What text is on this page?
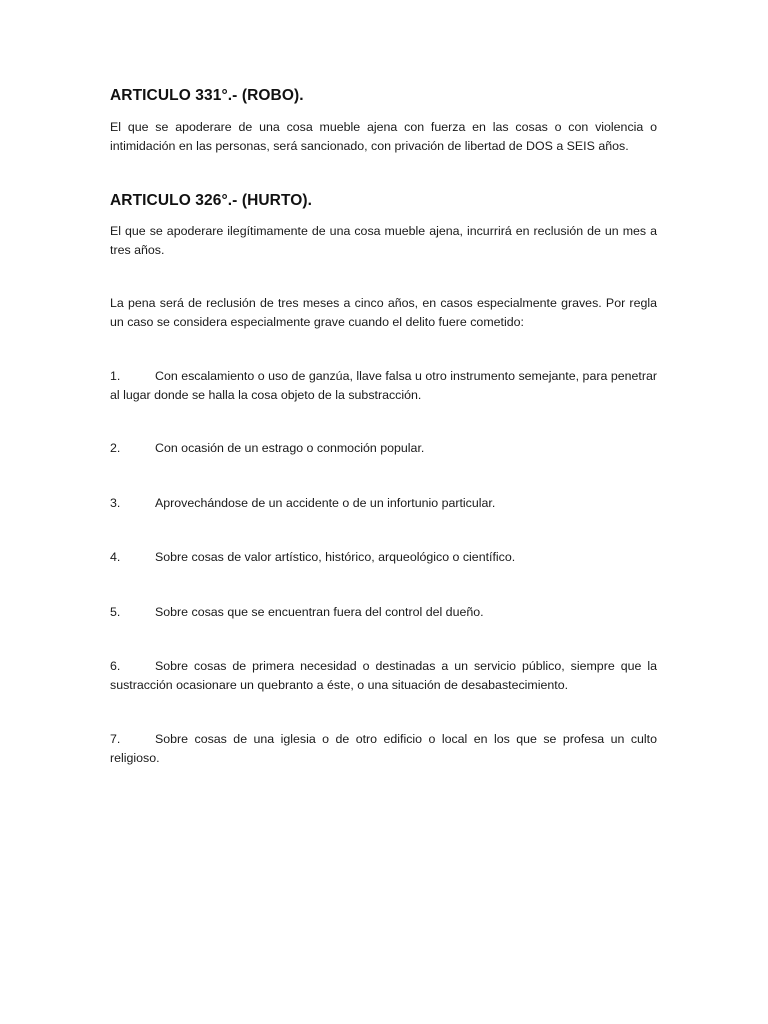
ARTICULO 331°.- (ROBO).

El que se apoderare de una cosa mueble ajena con fuerza en las cosas o con violencia o intimidación en las personas, será sancionado, con privación de libertad de DOS a SEIS años.

ARTICULO 326°.- (HURTO).

El que se apoderare ilegítimamente de una cosa mueble ajena, incurrirá en reclusión de un mes a tres años.

La pena será de reclusión de tres meses a cinco años, en casos especialmente graves. Por regla un caso se considera especialmente grave cuando el delito fuere cometido:

1.	Con escalamiento o uso de ganzúa, llave falsa u otro instrumento semejante, para penetrar al lugar donde se halla la cosa objeto de la substracción.

2.	Con ocasión de un estrago o conmoción popular.

3.	Aprovechándose de un accidente o de un infortunio particular.

4.	Sobre cosas de valor artístico, histórico, arqueológico o científico.

5.	Sobre cosas que se encuentran fuera del control del dueño.

6.	Sobre cosas de primera necesidad o destinadas a un servicio público, siempre que la sustracción ocasionare un quebranto a éste, o una situación de desabastecimiento.

7.	Sobre cosas de una iglesia o de otro edificio o local en los que se profesa un culto religioso.
